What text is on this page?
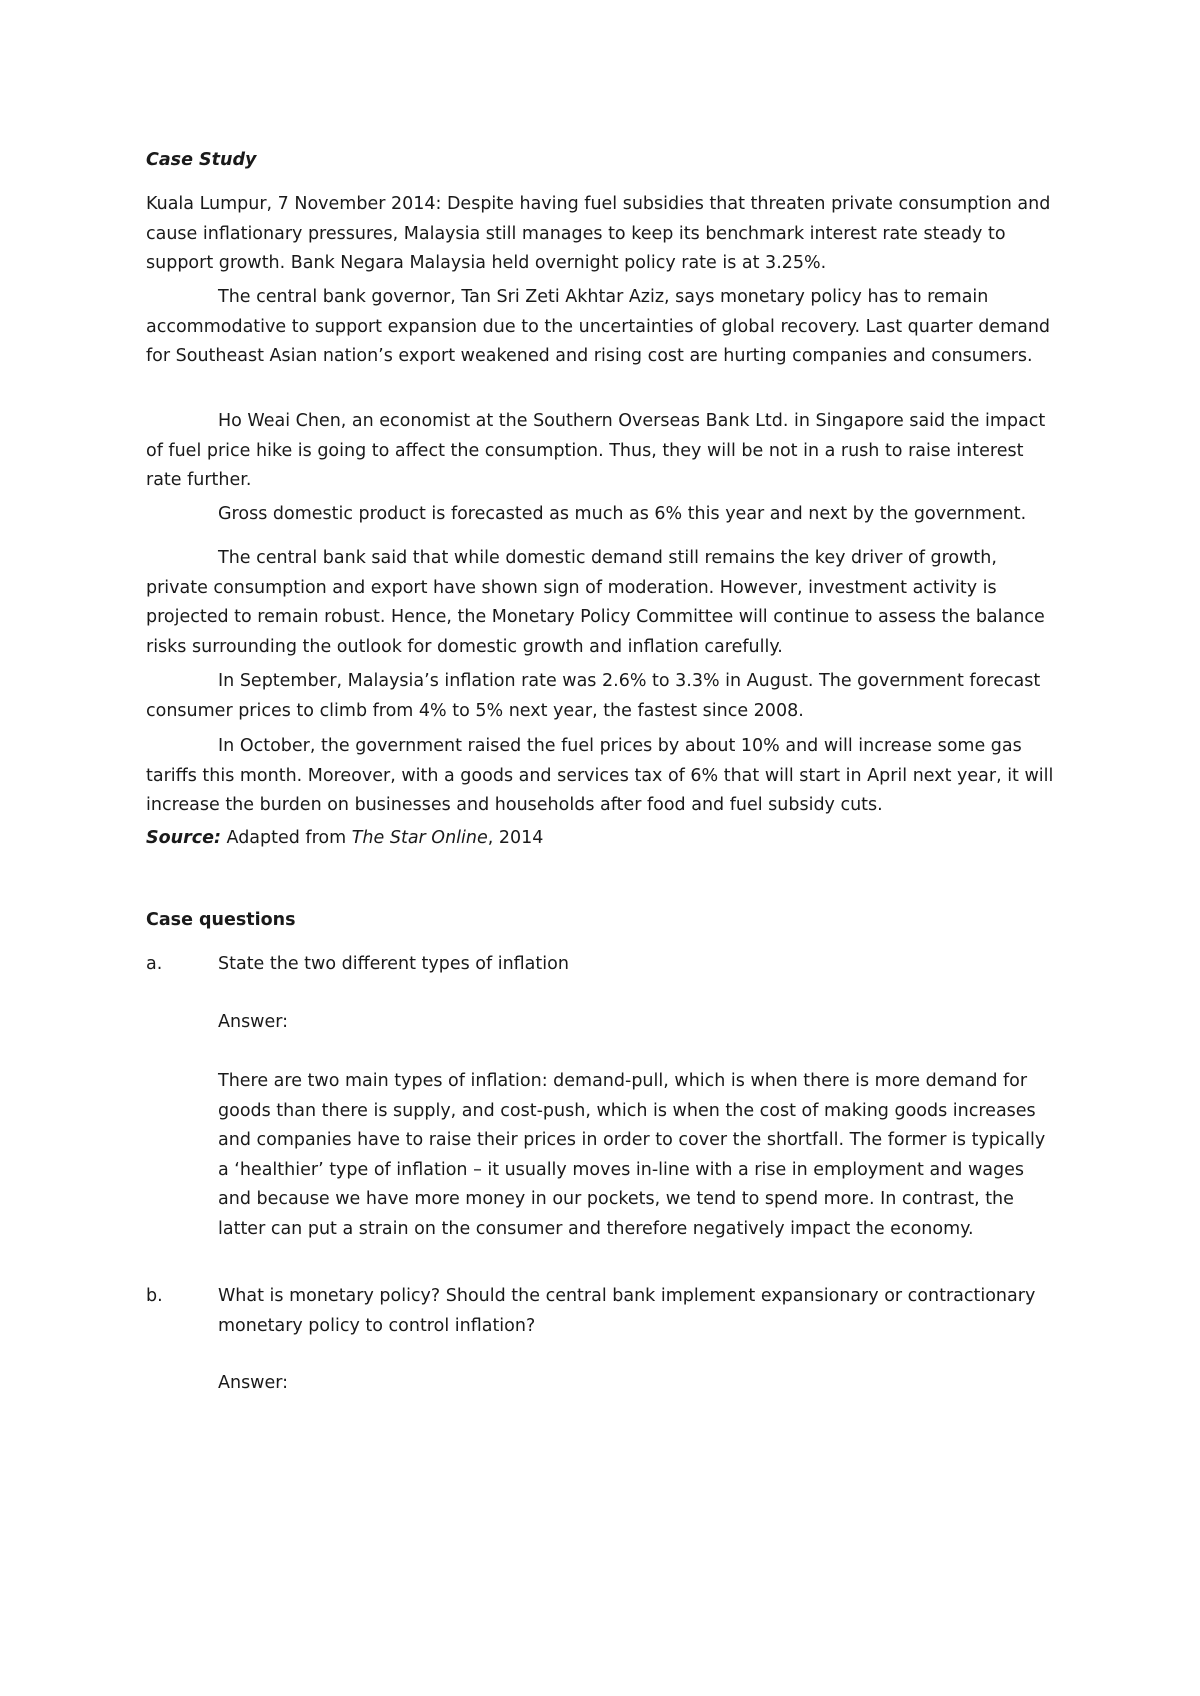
Case Study

Kuala Lumpur, 7 November 2014: Despite having fuel subsidies that threaten private consumption and cause inflationary pressures, Malaysia still manages to keep its benchmark interest rate steady to support growth. Bank Negara Malaysia held overnight policy rate is at 3.25%.

The central bank governor, Tan Sri Zeti Akhtar Aziz, says monetary policy has to remain accommodative to support expansion due to the uncertainties of global recovery. Last quarter demand for Southeast Asian nation’s export weakened and rising cost are hurting companies and consumers.

Ho Weai Chen, an economist at the Southern Overseas Bank Ltd. in Singapore said the impact of fuel price hike is going to affect the consumption. Thus, they will be not in a rush to raise interest rate further.

Gross domestic product is forecasted as much as 6% this year and next by the government.

The central bank said that while domestic demand still remains the key driver of growth, private consumption and export have shown sign of moderation. However, investment activity is projected to remain robust. Hence, the Monetary Policy Committee will continue to assess the balance risks surrounding the outlook for domestic growth and inflation carefully.

In September, Malaysia’s inflation rate was 2.6% to 3.3% in August. The government forecast consumer prices to climb from 4% to 5% next year, the fastest since 2008.

In October, the government raised the fuel prices by about 10% and will increase some gas tariffs this month. Moreover, with a goods and services tax of 6% that will start in April next year, it will increase the burden on businesses and households after food and fuel subsidy cuts.

Source: Adapted from The Star Online, 2014
Case questions
a.	State the two different types of inflation
Answer:

There are two main types of inflation: demand-pull, which is when there is more demand for goods than there is supply, and cost-push, which is when the cost of making goods increases and companies have to raise their prices in order to cover the shortfall. The former is typically a ‘healthier’ type of inflation – it usually moves in-line with a rise in employment and wages and because we have more money in our pockets, we tend to spend more. In contrast, the latter can put a strain on the consumer and therefore negatively impact the economy.

b.	What is monetary policy? Should the central bank implement expansionary or contractionary monetary policy to control inflation?
Answer:
